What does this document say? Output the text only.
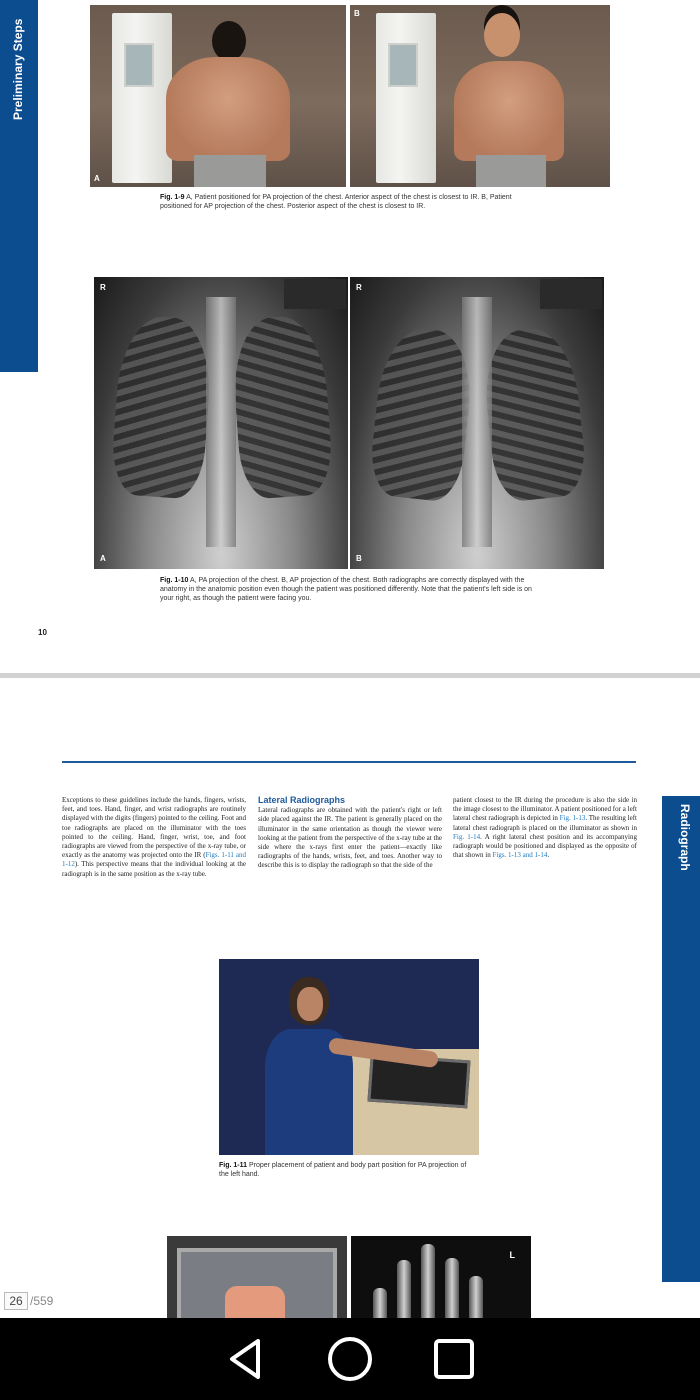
Preliminary Steps
A
B
Fig. 1-9 A, Patient positioned for PA projection of the chest. Anterior aspect of the chest is closest to IR. B, Patient positioned for AP projection of the chest. Posterior aspect of the chest is closest to IR.
R
A
R
B
Fig. 1-10 A, PA projection of the chest. B, AP projection of the chest. Both radiographs are correctly displayed with the anatomy in the anatomic position even though the patient was positioned differently. Note that the patient's left side is on your right, as though the patient were facing you.
10
Radiograph
Exceptions to these guidelines include the hands, fingers, wrists, feet, and toes. Hand, finger, and wrist radiographs are routinely displayed with the digits (fingers) pointed to the ceiling. Foot and toe radiographs are placed on the illuminator with the toes pointed to the ceiling. Hand, finger, wrist, toe, and foot radiographs are viewed from the perspective of the x-ray tube, or exactly as the anatomy was projected onto the IR (Figs. 1-11 and 1-12). This perspective means that the individual looking at the radiograph is in the same position as the x-ray tube.
Lateral Radiographs
Lateral radiographs are obtained with the patient's right or left side placed against the IR. The patient is generally placed on the illuminator in the same orientation as though the viewer were looking at the patient from the perspective of the x-ray tube at the side where the x-rays first enter the patient—exactly like radiographs of the hands, wrists, feet, and toes. Another way to describe this is to display the radiograph so that the side of the
patient closest to the IR during the procedure is also the side in the image closest to the illuminator. A patient positioned for a left lateral chest radiograph is depicted in Fig. 1-13. The resulting left lateral chest radiograph is placed on the illuminator as shown in Fig. 1-14. A right lateral chest position and its accompanying radiograph would be positioned and displayed as the opposite of that shown in Figs. 1-13 and 1-14.
Fig. 1-11 Proper placement of patient and body part position for PA projection of the left hand.
L
26
/559
